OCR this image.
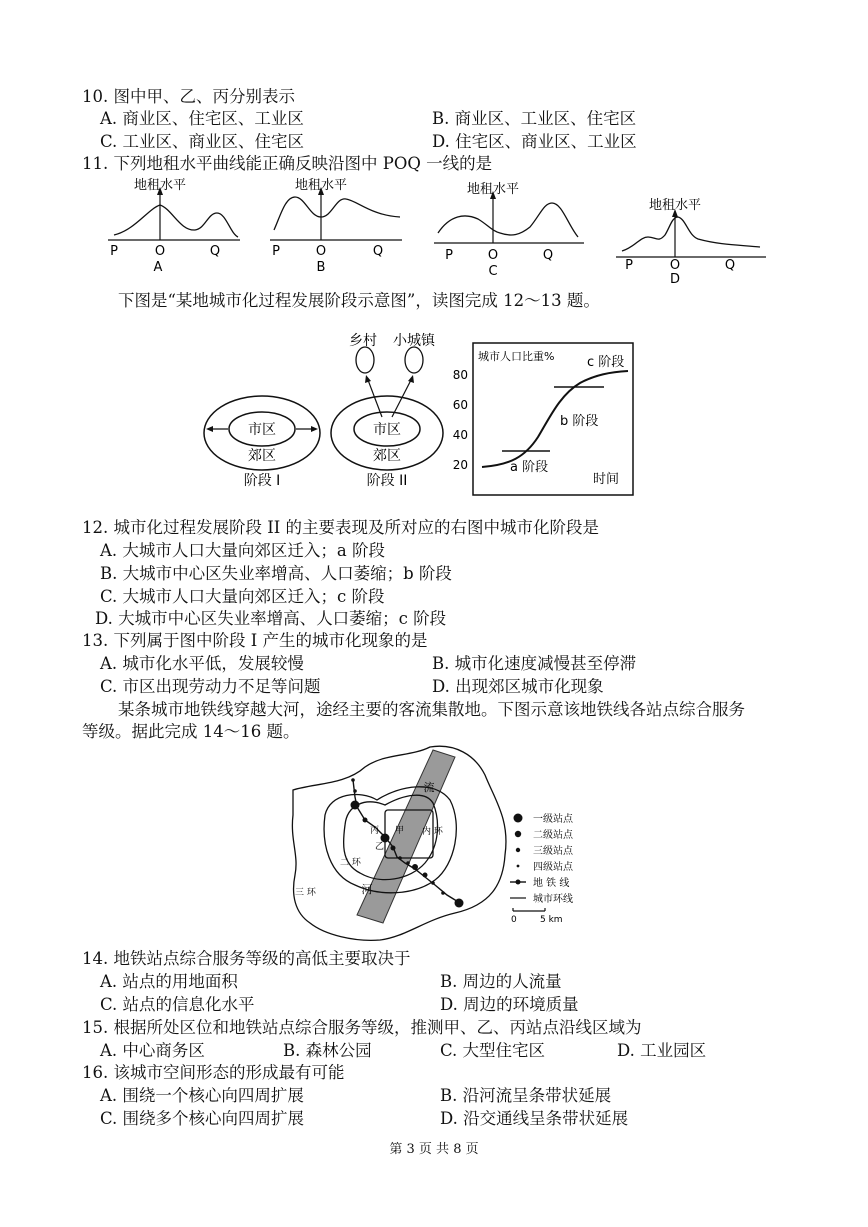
10. 图中甲、乙、丙分别表示
A. 商业区、住宅区、工业区	B. 商业区、工业区、住宅区
C. 工业区、商业区、住宅区	D. 住宅区、商业区、工业区
11. 下列地租水平曲线能正确反映沿图中 POQ 一线的是
地租水平
P	O	Q
A
地租水平
P	O	Q
B
地租水平
P	O	Q
C
地租水平
P	O	Q
D
下图是“某地城市化过程发展阶段示意图”，读图完成 12～13 题。
市区
郊区
阶段 I
市区
郊区
阶段 II
乡村 小城镇
城市人口比重%
80
60
40
20	a 阶段
b 阶段
c 阶段
时间
12. 城市化过程发展阶段 II 的主要表现及所对应的右图中城市化阶段是
A. 大城市人口大量向郊区迁入；a 阶段
B. 大城市中心区失业率增高、人口萎缩；b 阶段
C. 大城市人口大量向郊区迁入；c 阶段
D. 大城市中心区失业率增高、人口萎缩；c 阶段
13. 下列属于图中阶段 I 产生的城市化现象的是
A. 城市化水平低，发展较慢	B. 城市化速度减慢甚至停滞
C. 市区出现劳动力不足等问题	D. 出现郊区城市化现象
某条城市地铁线穿越大河，途经主要的客流集散地。下图示意该地铁线各站点综合服务
等级。据此完成 14～16 题。
流
河
内 环
二 环
三 环
丙 甲
乙
一级站点
二级站点
三级站点
四级站点
地 铁 线
城市环线
0	5 km
14. 地铁站点综合服务等级的高低主要取决于
A. 站点的用地面积	B. 周边的人流量
C. 站点的信息化水平	D. 周边的环境质量
15. 根据所处区位和地铁站点综合服务等级，推测甲、乙、丙站点沿线区域为
A. 中心商务区	B. 森林公园	C. 大型住宅区	D. 工业园区
16. 该城市空间形态的形成最有可能
A. 围绕一个核心向四周扩展	B. 沿河流呈条带状延展
C. 围绕多个核心向四周扩展	D. 沿交通线呈条带状延展
第 3 页 共 8 页
